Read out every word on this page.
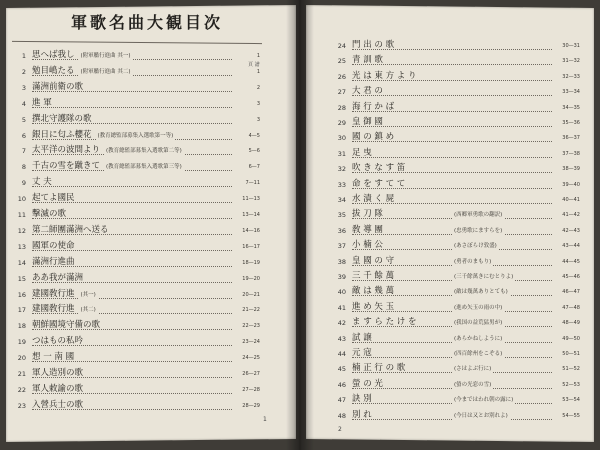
軍歌名曲大観目次
頁 譜
1 思へば我し	(附軍艦行進曲 其一)	1
2 勉目嶋たる	(附軍艦行進曲 其二)	1
3 滿洲前衛の歌	2
4 進 軍	3
5 撰北守護隊の歌	3
6 銀日に匂ふ櫻花	(教育總監部募集入選歌第一等)	4—5
7 太平洋の波間より	(教育總監部募集入選歌第二等)	5—6
8 千古の雪を蹴きて	(教育總監部募集入選歌第三等)	6—7
9 丈 夫	7—11
10 起てよ國民	11—13
11 擊滅の歌	13—14
12 第二師團滿洲へ送る	14—16
13 國軍の使命	16—17
14 滿洲行進曲	18—19
15 ああ我が滿洲	19—20
16 建國敎行進	(其一)	20—21
17 建國敎行進	(其二)	21—22
18 朝鮮國境守備の歌	22—23
19 つはもの私吟	23—24
20 想 一 南 國	24—25
21 軍人造別の歌	26—27
22 軍人敕諭の歌	27—28
23 入營兵士の歌	28—29
24 門 出 の 歌	30—31
25 青 訓 歌	31—32
26 光 は 東 方 よ り	32—33
27 大 君 の	33—34
28 海 行 か ば	34—35
29 皇 御 國	35—36
30 國 の 鎮 め	36—37
31 足 曳	37—38
32 吹 き な す 笛	38—39
33 命 を す て て	39—40
34 水 漬 く 屍	40—41
35 拔 刀 隊	(西郷軍勇歌の翻訳)	41—42
36 敎 導 團	(忠勇歌にますらを)	42—43
37 小 楠 公	(あさぼらけ敦盛)	43—44
38 皇 國 の 守	(勇者のまもり)	44—45
39 三 千 餘 萬	(三千餘萬きにむとりよ)	45—46
40 敵 は 幾 萬	(敵は幾萬ありとても)	46—47
41 進 め 矢 玉	(進め矢玉の雨の中)	47—48
42 ま す ら た け を	(我国の益荒猛男が)	48—49
43 試 譲	(あらかねしように)	49—50
44 元 寇	(四百餘州をこぞる)	50—51
45 楠 正 行 の 歌	(さはよぶ行に)	51—52
46 螢 の 光	(螢の光窓の雪)	52—53
47 訣 別	(今まではわれ朝の露に)	53—54
48 別 れ	(今日は又とお別れよ)	54—55
1
2
